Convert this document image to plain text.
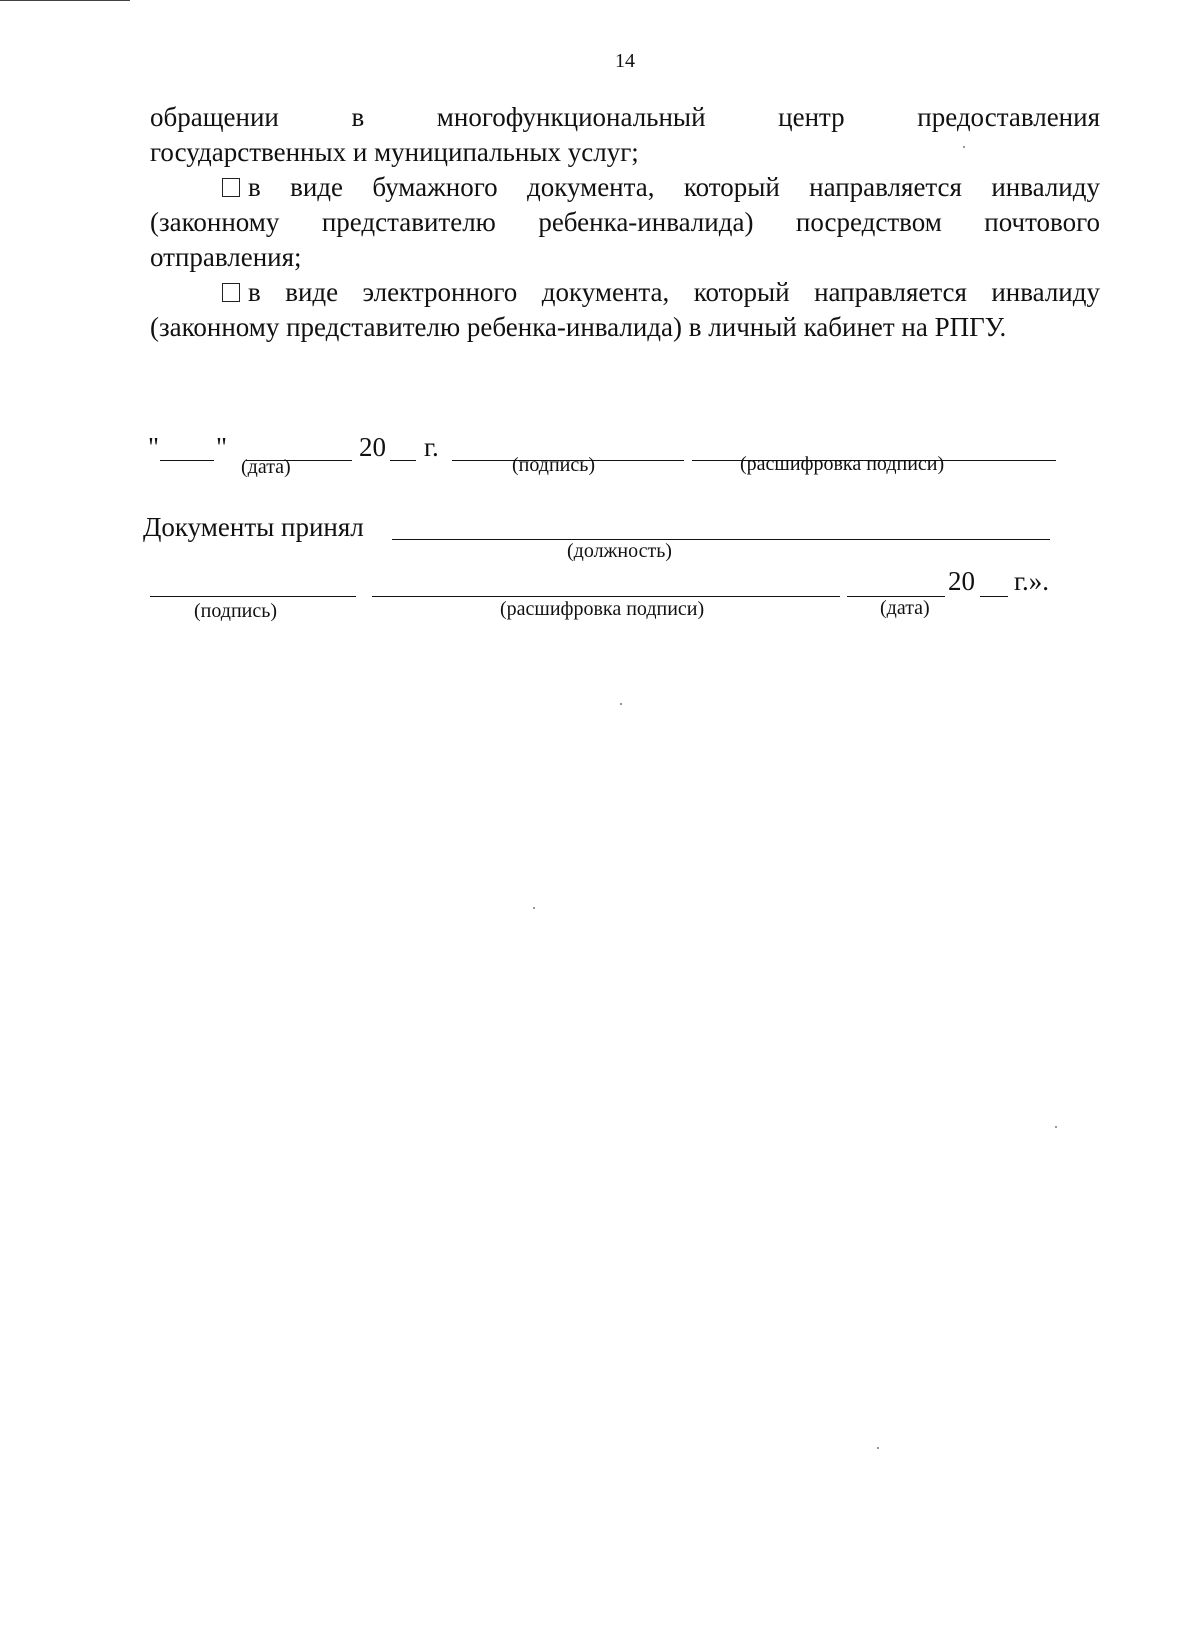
14

обращении в многофункциональный центр предоставления

государственных и муниципальных услуг;

в виде бумажного документа, который направляется инвалиду (законному представителю ребенка-инвалида) посредством почтового отправления;

в виде электронного документа, который направляется инвалиду (законному представителю ребенка-инвалида) в личный кабинет на РПГУ.

" "	20 г.
(дата)	(подпись)	(расшифровка подписи)
Документы принял
(должность)
20 г.».
(подпись)	(расшифровка подписи)	(дата)
